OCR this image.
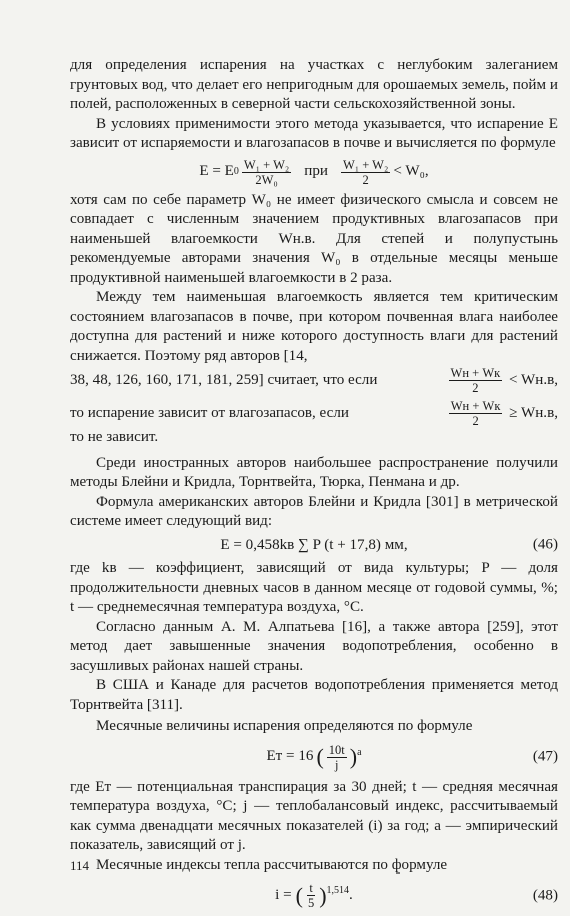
для определения испарения на участках с неглубоким залеганием грунтовых вод, что делает его непригодным для орошаемых земель, пойм и полей, расположенных в северной части сельскохозяйственной зоны.

В условиях применимости этого метода указывается, что испарение E зависит от испаряемости и влагозапасов в почве и вычисляется по формуле

E = E $0 \frac{\text{W₁ + W₂}}{\text{2W₀}}$ при $\frac{\text{W₁ + W₂}}{2} < W_0$,

хотя сам по себе параметр W₀ не имеет физического смысла и совсем не совпадает с численным значением продуктивных влагозапасов при наименьшей влагоемкости Wн.в. Для степей и полупустынь рекомендуемые авторами значения W₀ в отдельные месяцы меньше продуктивной наименьшей влагоемкости в 2 раза.

Между тем наименьшая влагоемкость является тем критическим состоянием влагозапасов в почве, при котором почвенная влага наиболее доступна для растений и ниже которого доступность влаги для растений снижается. Поэтому ряд авторов [14,

38, 48, 126, 160, 171, 181, 259] считает, что если	$\frac{Wн + Wк}{2} < Wн.в$,
то испарение зависит от влагозапасов, если	$\frac{Wн + Wк}{2} \ge Wн.в$,

то не зависит.

Среди иностранных авторов наибольшее распространение получили методы Блейни и Кридла, Торнтвейта, Тюрка, Пенмана и др.

Формула американских авторов Блейни и Кридла [301] в метрической системе имеет следующий вид:

E = 0,458kв ∑ P (t + 17,8) мм,	(46)

где kв — коэффициент, зависящий от вида культуры; P — доля продолжительности дневных часов в данном месяце от годовой суммы, %; t — среднемесячная температура воздуха, °C.

Согласно данным А. М. Алпатьева [16], а также автора [259], этот метод дает завышенные значения водопотребления, особенно в засушливых районах нашей страны.

В США и Канаде для расчетов водопотребления применяется метод Торнтвейта [311].

Месячные величины испарения определяются по формуле

Eт = 16 ( $\frac{10t}{j} )^a$	(47)

где Eт — потенциальная транспирация за 30 дней; t — средняя месячная температура воздуха, °C; j — теплобалансовый индекс, рассчитываемый как сумма двенадцати месячных показателей (i) за год; a — эмпирический показатель, зависящий от j.

Месячные индексы тепла рассчитываются по формуле

i = ( $\frac{t}{5} )^{1,514}$ .	(48)
114
